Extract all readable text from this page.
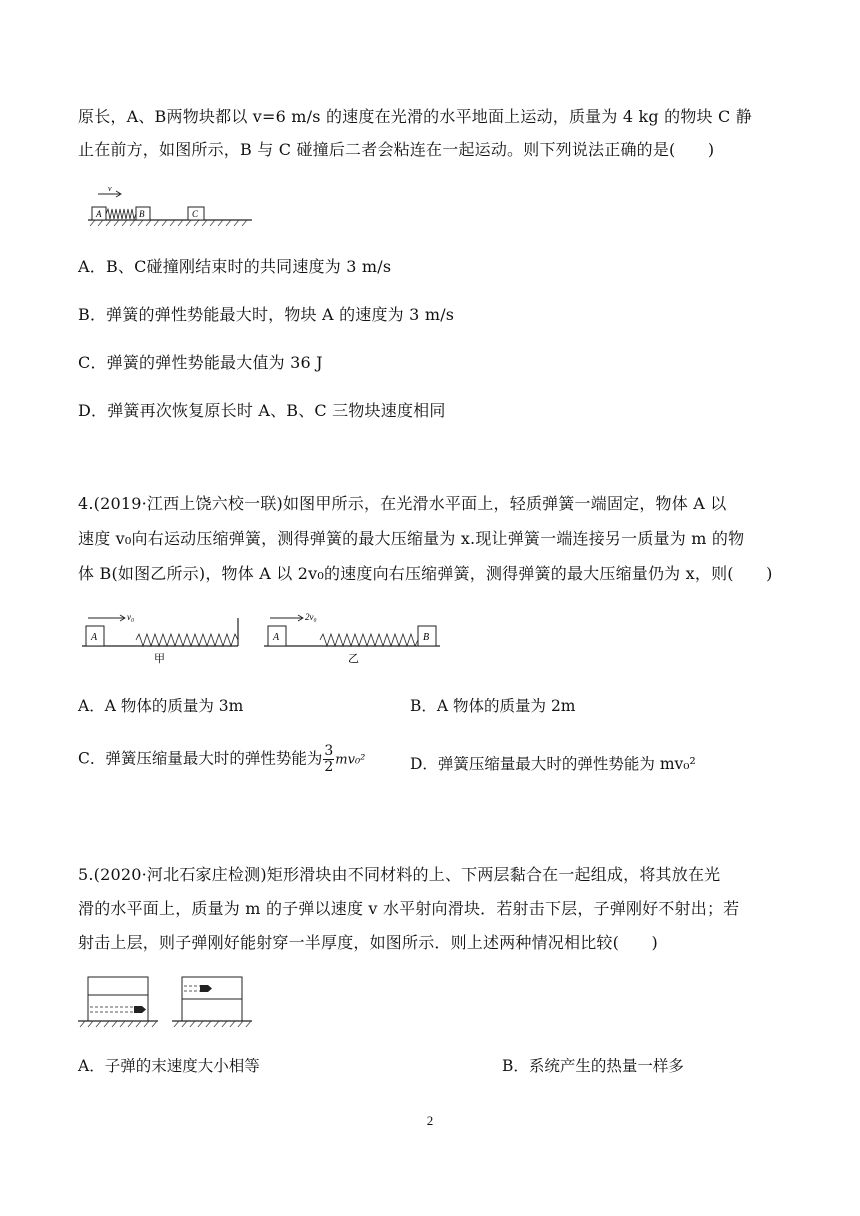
原长，A、B两物块都以 v=6 m/s 的速度在光滑的水平地面上运动，质量为 4 kg 的物块 C 静
止在前方，如图所示，B 与 C 碰撞后二者会粘连在一起运动。则下列说法正确的是(　　)
v
A	B	C
A．B、C碰撞刚结束时的共同速度为 3 m/s
B．弹簧的弹性势能最大时，物块 A 的速度为 3 m/s
C．弹簧的弹性势能最大值为 36 J
D．弹簧再次恢复原长时 A、B、C 三物块速度相同
4.(2019·江西上饶六校一联)如图甲所示，在光滑水平面上，轻质弹簧一端固定，物体 A 以
速度 v₀向右运动压缩弹簧，测得弹簧的最大压缩量为 x.现让弹簧一端连接另一质量为 m 的物
体 B(如图乙所示)，物体 A 以 2v₀的速度向右压缩弹簧，测得弹簧的最大压缩量仍为 x，则(　　)
v₀
A
甲
2v₀
A	B
乙
A．A 物体的质量为 3m	B．A 物体的质量为 2m
C．弹簧压缩量最大时的弹性势能为 $\frac{3}{2} mv_0^2$	D．弹簧压缩量最大时的弹性势能为 mv₀²
5.(2020·河北石家庄检测)矩形滑块由不同材料的上、下两层黏合在一起组成，将其放在光
滑的水平面上，质量为 m 的子弹以速度 v 水平射向滑块．若射击下层，子弹刚好不射出；若
射击上层，则子弹刚好能射穿一半厚度，如图所示．则上述两种情况相比较(　　)
A．子弹的末速度大小相等	B．系统产生的热量一样多
2
